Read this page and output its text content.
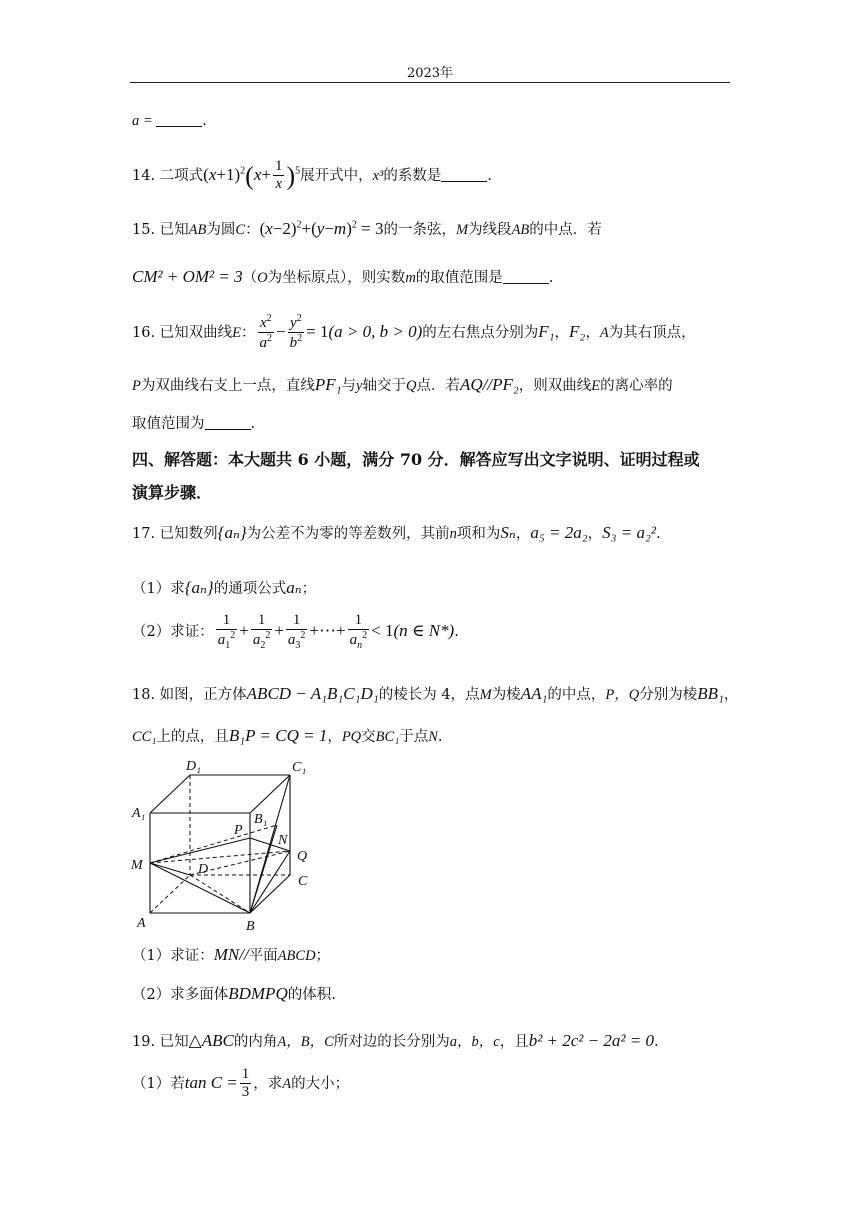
2023年
a =	.
14. 二项式$(x+1)^2(x+ \frac{1}{x} )^5$展开式中，x³的系数是	.
15. 已知AB为圆C：$(x-2)^2+(y-m)^2 = 3$的一条弦，M为线段AB的中点．若
CM² + OM² = 3（O为坐标原点），则实数m的取值范围是	.
16. 已知双曲线E： $\frac{x^2}{a^2} - \frac{y^2}{b^2} = 1(a > 0$, b > 0)的左右焦点分别为F₁，F₂，A为其右顶点，
P为双曲线右支上一点，直线PF₁与y轴交于Q点．若AQ//PF₂，则双曲线E的离心率的
取值范围为	.
四、解答题：本大题共 6 小题，满分 70 分．解答应写出文字说明、证明过程或
演算步骤．
17. 已知数列{aₙ}为公差不为零的等差数列，其前n项和为Sₙ，a₅ = 2a₂，S₃ = a₂².
（1）求{aₙ}的通项公式aₙ；
（2）求证： $\frac{1}{a_1^2} + \frac{1}{a_2^2} + \frac{1}{a_3^2}$ +⋯+ $\frac{1}{a_n^2} < 1(n$ ∈ N*).
18. 如图，正方体ABCD − A₁B₁C₁D₁的棱长为 4，点M为棱AA₁的中点，P，Q分别为棱BB₁，
CC₁上的点，且B₁P = CQ = 1，PQ交BC₁于点N.
D₁	C₁
A₁	B₁
P
N
Q
M	D
C
A	B
（1）求证：MN//平面ABCD；
（2）求多面体BDMPQ的体积.
19. 已知△ABC的内角A，B，C所对边的长分别为a，b，c，且b² + 2c² − 2a² = 0.
（1）若$\tan C = \frac{1}{3}$ ，求A的大小；
